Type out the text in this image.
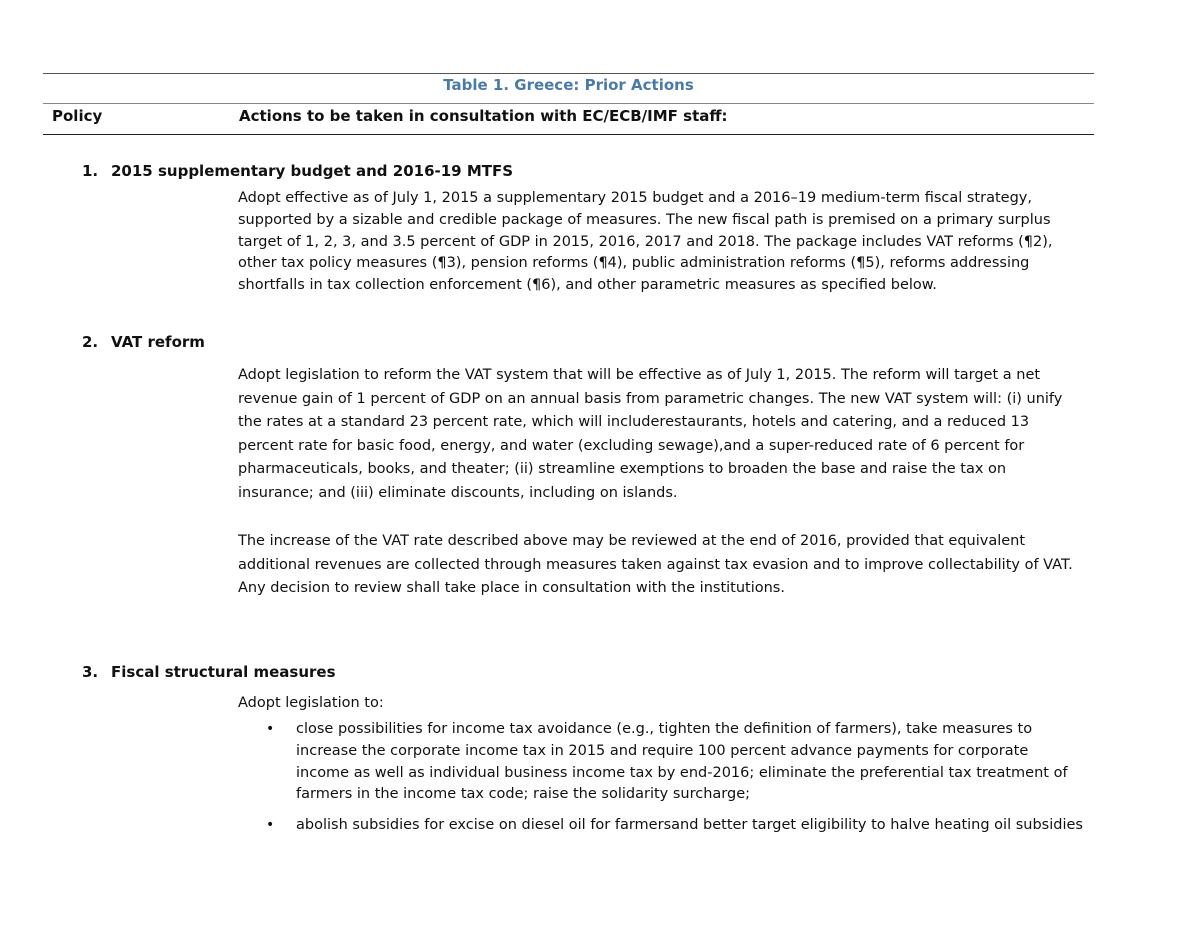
Table 1. Greece: Prior Actions
Policy	Actions to be taken in consultation with EC/ECB/IMF staff:
1. 2015 supplementary budget and 2016-19 MTFS

Adopt effective as of July 1, 2015 a supplementary 2015 budget and a 2016–19 medium-term fiscal strategy, supported by a sizable and credible package of measures. The new fiscal path is premised on a primary surplus target of 1, 2, 3, and 3.5 percent of GDP in 2015, 2016, 2017 and 2018. The package includes VAT reforms (¶2), other tax policy measures (¶3), pension reforms (¶4), public administration reforms (¶5), reforms addressing shortfalls in tax collection enforcement (¶6), and other parametric measures as specified below.

2. VAT reform

Adopt legislation to reform the VAT system that will be effective as of July 1, 2015. The reform will target a net revenue gain of 1 percent of GDP on an annual basis from parametric changes. The new VAT system will: (i) unify the rates at a standard 23 percent rate, which will includerestaurants, hotels and catering, and a reduced 13 percent rate for basic food, energy, and water (excluding sewage),and a super-reduced rate of 6 percent for pharmaceuticals, books, and theater; (ii) streamline exemptions to broaden the base and raise the tax on insurance; and (iii) eliminate discounts, including on islands.

The increase of the VAT rate described above may be reviewed at the end of 2016, provided that equivalent additional revenues are collected through measures taken against tax evasion and to improve collectability of VAT. Any decision to review shall take place in consultation with the institutions.

3. Fiscal structural measures

Adopt legislation to:

• close possibilities for income tax avoidance (e.g., tighten the definition of farmers), take measures to increase the corporate income tax in 2015 and require 100 percent advance payments for corporate income as well as individual business income tax by end-2016; eliminate the preferential tax treatment of farmers in the income tax code; raise the solidarity surcharge;
• abolish subsidies for excise on diesel oil for farmersand better target eligibility to halve heating oil subsidies
